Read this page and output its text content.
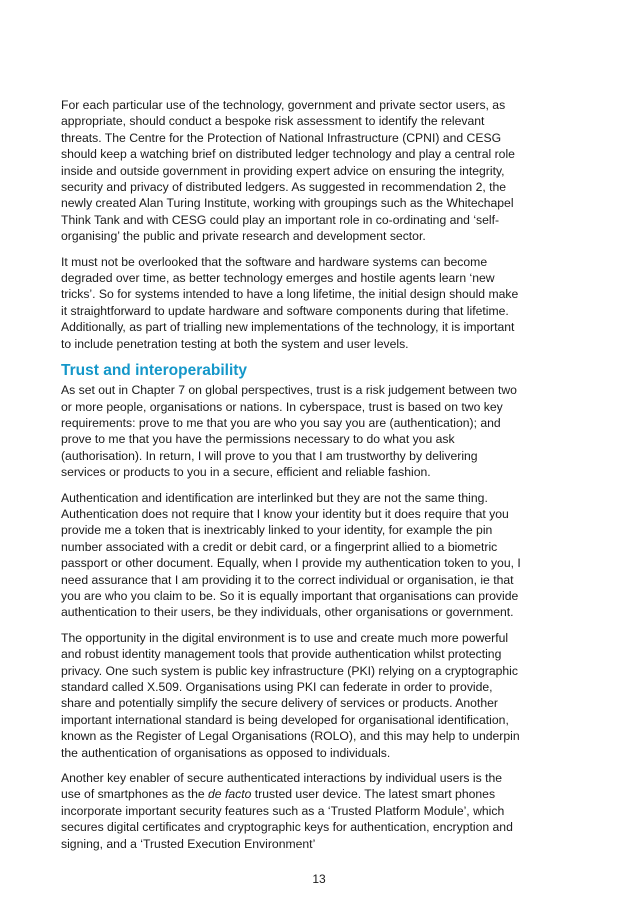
For each particular use of the technology, government and private sector users, as appropriate, should conduct a bespoke risk assessment to identify the relevant threats. The Centre for the Protection of National Infrastructure (CPNI) and CESG should keep a watching brief on distributed ledger technology and play a central role inside and outside government in providing expert advice on ensuring the integrity, security and privacy of distributed ledgers. As suggested in recommendation 2, the newly created Alan Turing Institute, working with groupings such as the Whitechapel Think Tank and with CESG could play an important role in co-ordinating and ‘self-organising’ the public and private research and development sector.

It must not be overlooked that the software and hardware systems can become degraded over time, as better technology emerges and hostile agents learn ‘new tricks’. So for systems intended to have a long lifetime, the initial design should make it straightforward to update hardware and software components during that lifetime. Additionally, as part of trialling new implementations of the technology, it is important to include penetration testing at both the system and user levels.

Trust and interoperability

As set out in Chapter 7 on global perspectives, trust is a risk judgement between two or more people, organisations or nations. In cyberspace, trust is based on two key requirements: prove to me that you are who you say you are (authentication); and prove to me that you have the permissions necessary to do what you ask (authorisation). In return, I will prove to you that I am trustworthy by delivering services or products to you in a secure, efficient and reliable fashion.

Authentication and identification are interlinked but they are not the same thing. Authentication does not require that I know your identity but it does require that you provide me a token that is inextricably linked to your identity, for example the pin number associated with a credit or debit card, or a fingerprint allied to a biometric passport or other document. Equally, when I provide my authentication token to you, I need assurance that I am providing it to the correct individual or organisation, ie that you are who you claim to be. So it is equally important that organisations can provide authentication to their users, be they individuals, other organisations or government.

The opportunity in the digital environment is to use and create much more powerful and robust identity management tools that provide authentication whilst protecting privacy. One such system is public key infrastructure (PKI) relying on a cryptographic standard called X.509. Organisations using PKI can federate in order to provide, share and potentially simplify the secure delivery of services or products. Another important international standard is being developed for organisational identification, known as the Register of Legal Organisations (ROLO), and this may help to underpin the authentication of organisations as opposed to individuals.

Another key enabler of secure authenticated interactions by individual users is the use of smartphones as the de facto trusted user device. The latest smart phones incorporate important security features such as a ‘Trusted Platform Module’, which secures digital certificates and cryptographic keys for authentication, encryption and signing, and a ‘Trusted Execution Environment’

13
